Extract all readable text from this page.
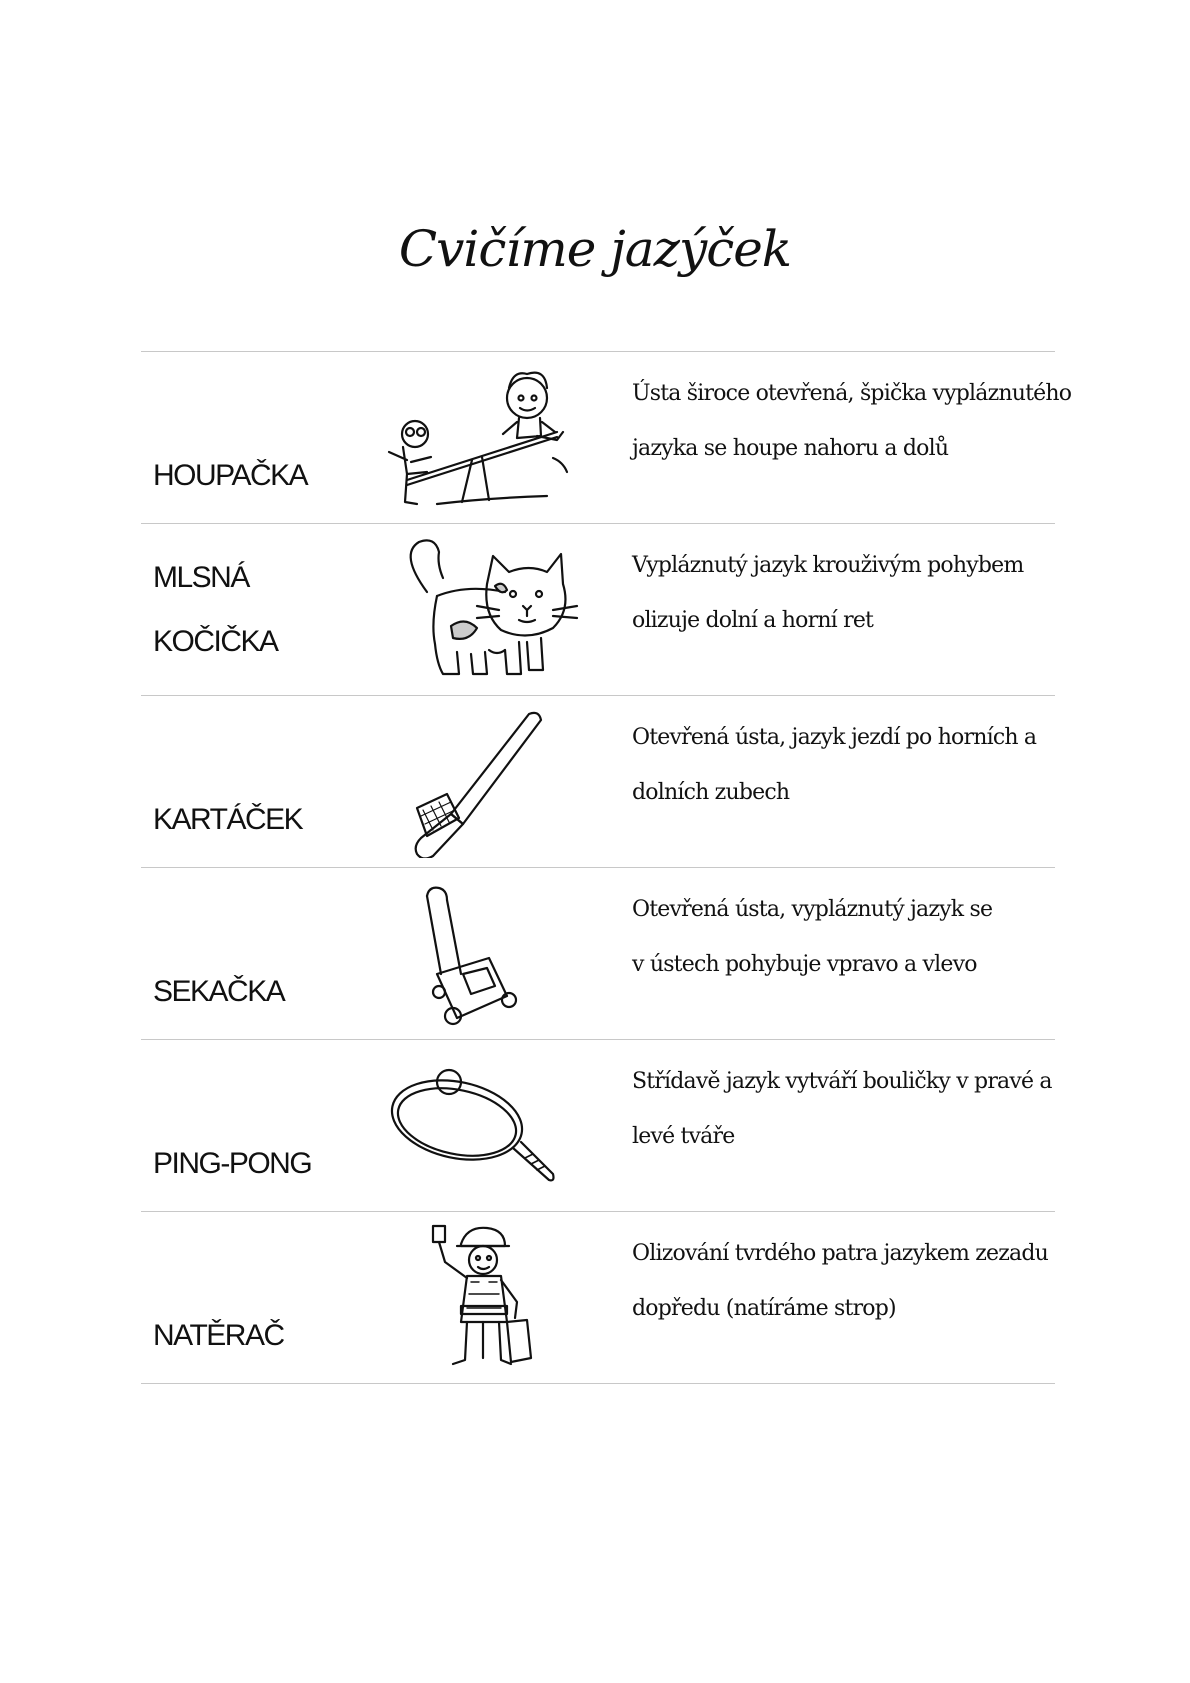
Cvičíme jazýček
HOUPAČKA
Ústa široce otevřená, špička vypláznutého
jazyka se houpe nahoru a dolů
MLSNÁ
KOČIČKA
Vypláznutý jazyk krouživým pohybem
olizuje dolní a horní ret
KARTÁČEK
Otevřená ústa, jazyk jezdí po horních a
dolních zubech
SEKAČKA
Otevřená ústa, vypláznutý jazyk se
v ústech pohybuje vpravo a vlevo
PING-PONG
Střídavě jazyk vytváří bouličky v pravé a
levé tváře
NATĚRAČ
Olizování tvrdého patra jazykem zezadu
dopředu (natíráme strop)
